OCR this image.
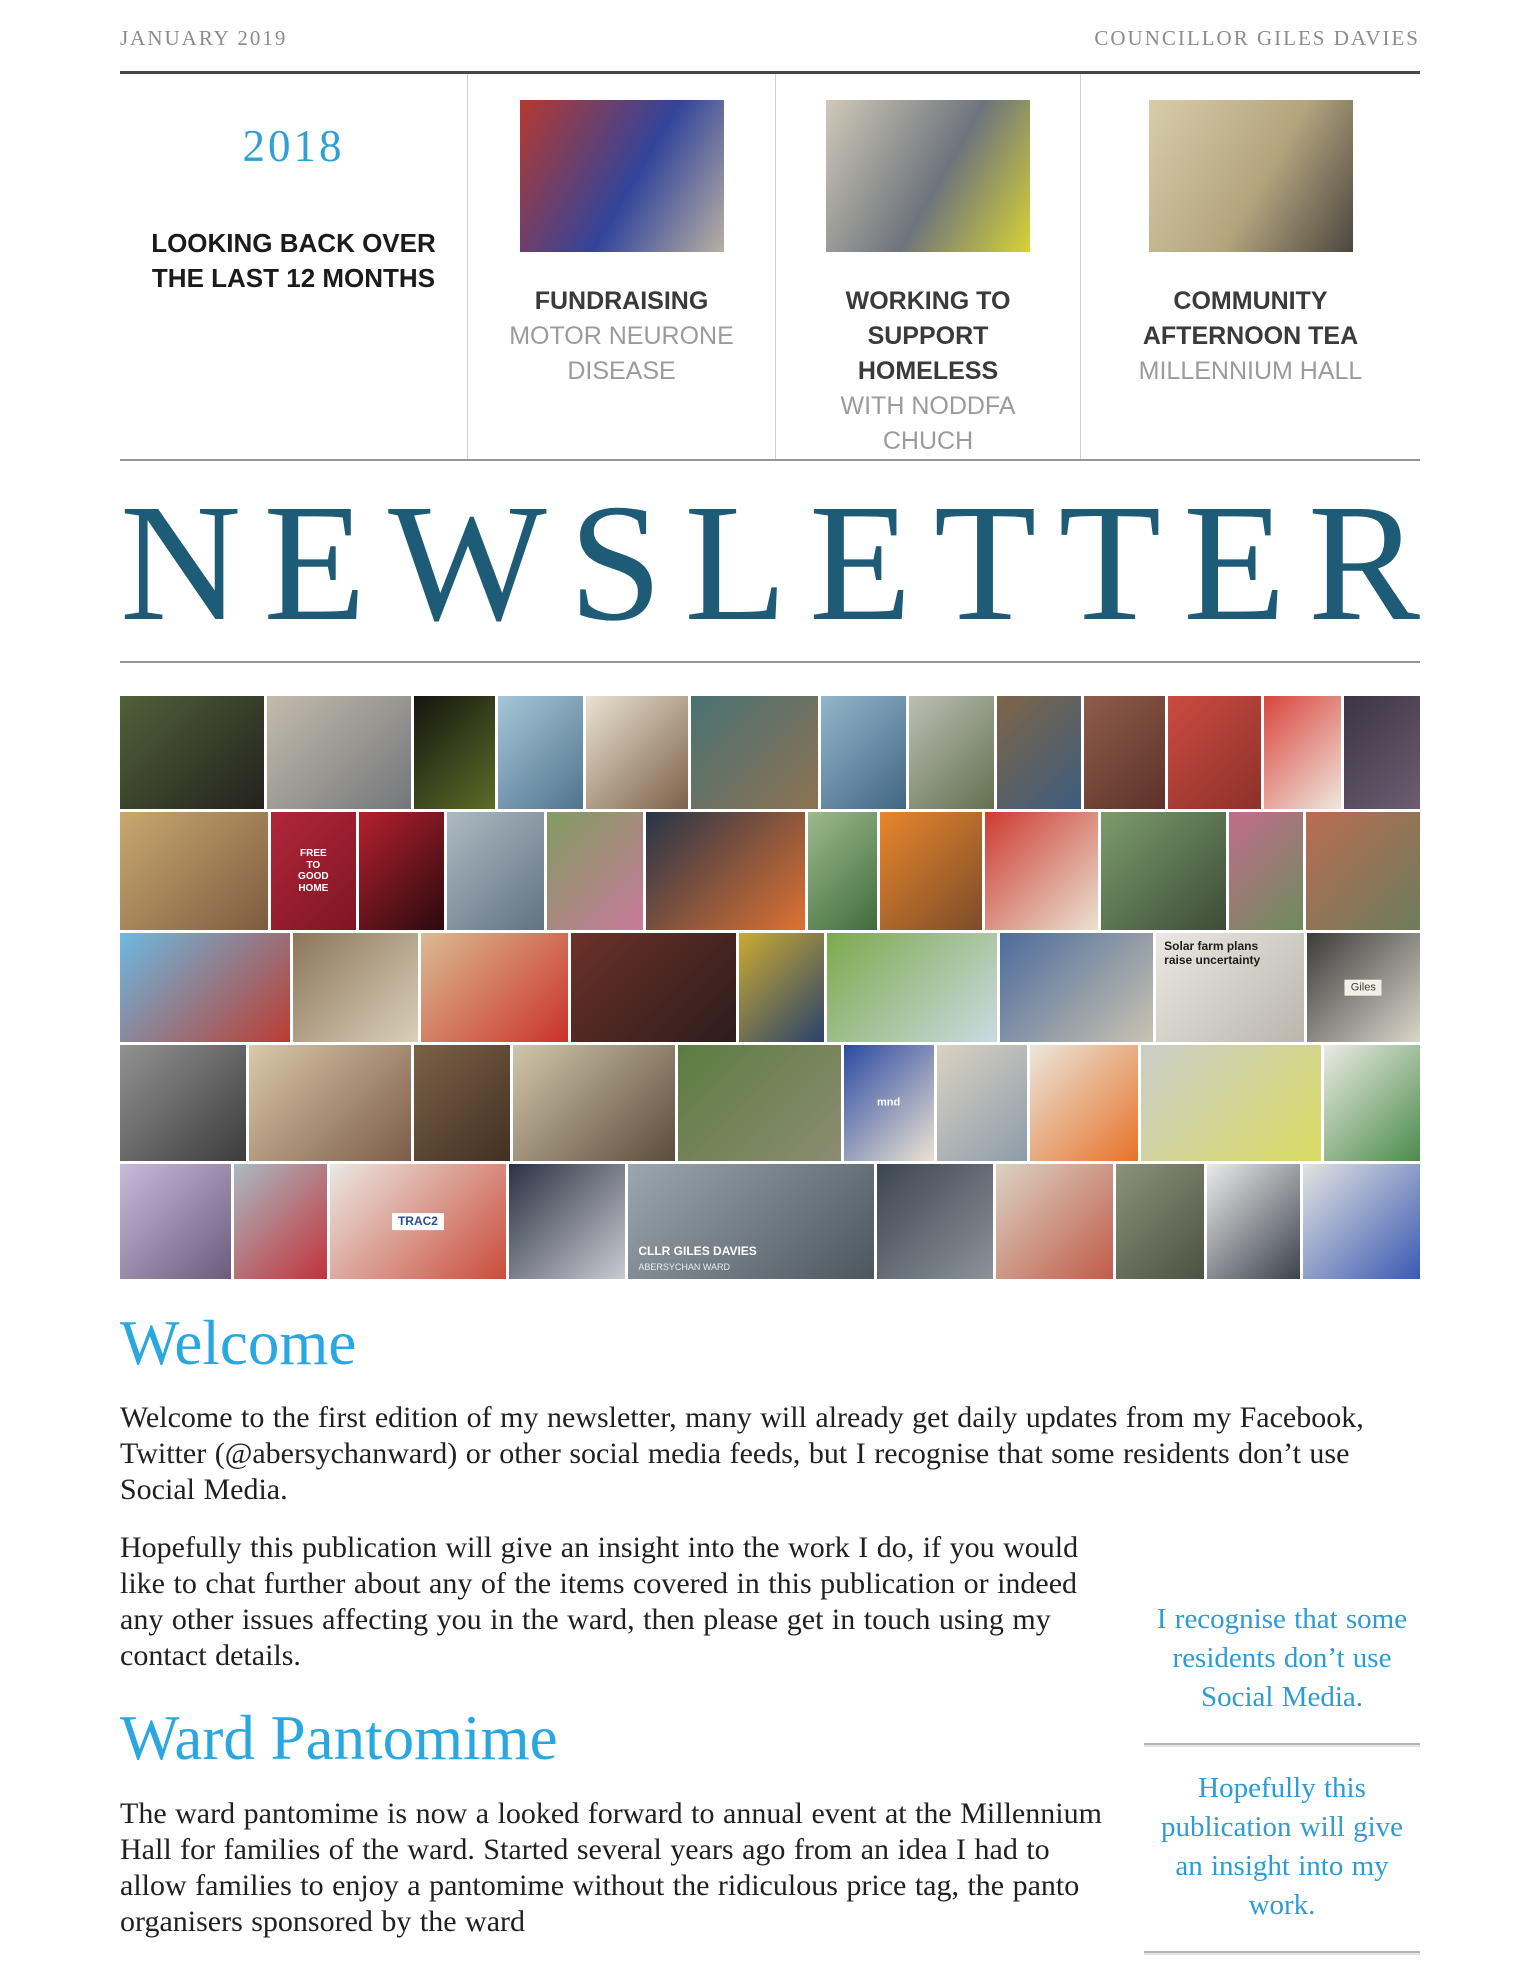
JANUARY 2019	COUNCILLOR GILES DAVIES
2018
LOOKING BACK OVER THE LAST 12 MONTHS
FUNDRAISING
MOTOR NEURONE DISEASE
WORKING TO SUPPORT HOMELESS
WITH NODDFA CHUCH
COMMUNITY AFTERNOON TEA
MILLENNIUM HALL
N E W S L E T T E R
FREE TO GOOD HOME
Solar farm plans raise uncertainty
Giles
mnd
TRAC2
CLLR GILES DAVIES
ABERSYCHAN WARD
Welcome

Welcome to the first edition of my newsletter, many will already get daily updates from my Facebook, Twitter (@abersychanward) or other social media feeds, but I recognise that some residents don’t use Social Media.

I recognise that some residents don’t use Social Media.
Hopefully this publication will give an insight into my work.
Hopefully this publication will give an insight into the work I do, if you would like to chat further about any of the items covered in this publication or indeed any other issues affecting you in the ward, then please get in touch using my contact details.

Ward Pantomime

The ward pantomime is now a looked forward to annual event at the Millennium Hall for families of the ward. Started several years ago from an idea I had to allow families to enjoy a pantomime without the ridiculous price tag, the panto organisers sponsored by the ward
